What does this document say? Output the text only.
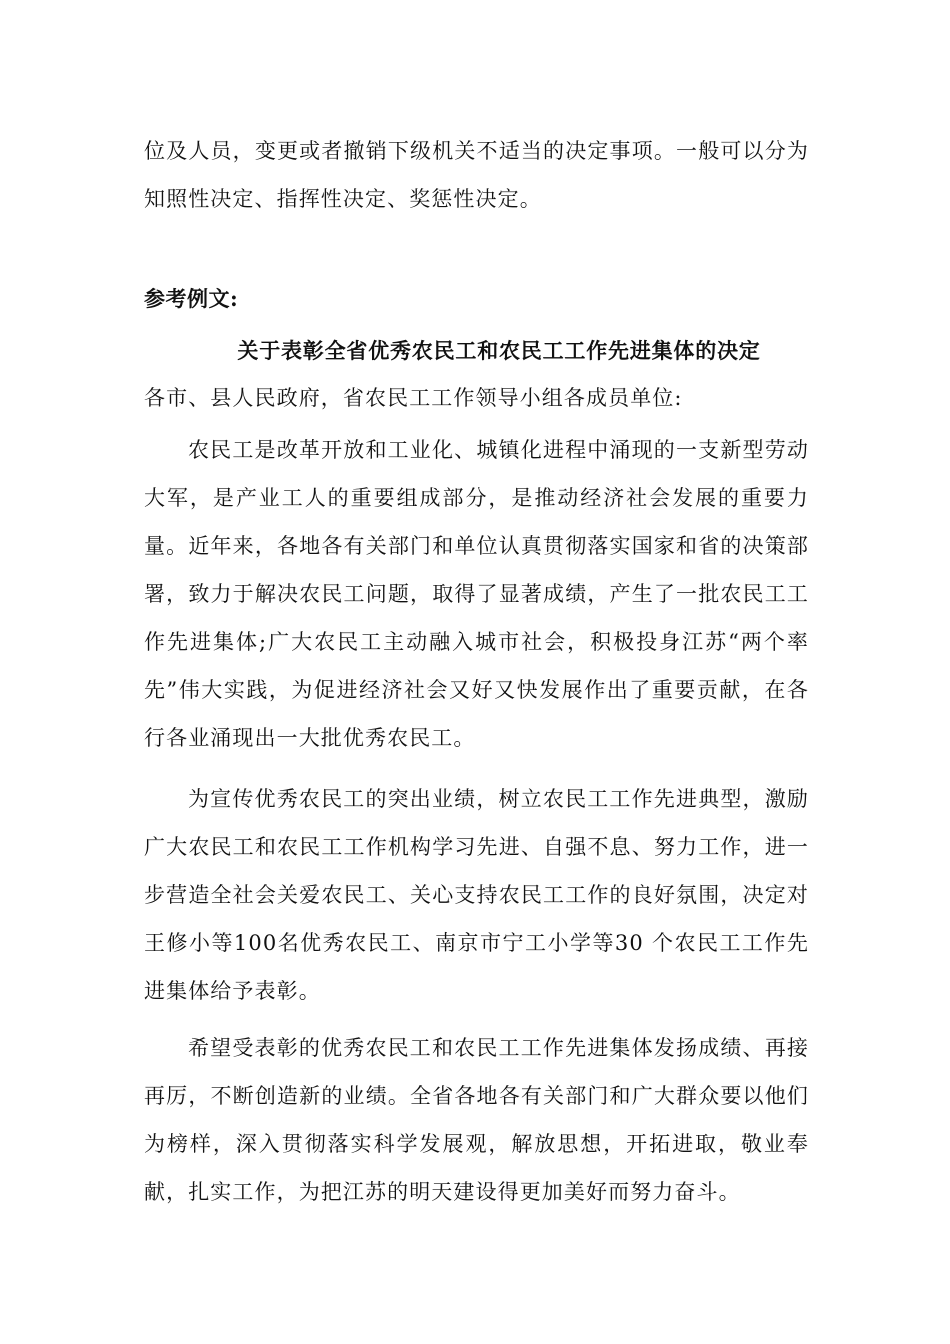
位及人员，变更或者撤销下级机关不适当的决定事项。一般可以分为知照性决定、指挥性决定、奖惩性决定。

参考例文:

关于表彰全省优秀农民工和农民工工作先进集体的决定

各市、县人民政府，省农民工工作领导小组各成员单位:

农民工是改革开放和工业化、城镇化进程中涌现的一支新型劳动大军，是产业工人的重要组成部分，是推动经济社会发展的重要力量。近年来，各地各有关部门和单位认真贯彻落实国家和省的决策部署，致力于解决农民工问题，取得了显著成绩，产生了一批农民工工作先进集体;广大农民工主动融入城市社会，积极投身江苏“两个率先”伟大实践，为促进经济社会又好又快发展作出了重要贡献，在各行各业涌现出一大批优秀农民工。

为宣传优秀农民工的突出业绩，树立农民工工作先进典型，激励广大农民工和农民工工作机构学习先进、自强不息、努力工作，进一步营造全社会关爱农民工、关心支持农民工工作的良好氛围，决定对王修小等100名优秀农民工、南京市宁工小学等30 个农民工工作先进集体给予表彰。

希望受表彰的优秀农民工和农民工工作先进集体发扬成绩、再接再厉，不断创造新的业绩。全省各地各有关部门和广大群众要以他们为榜样，深入贯彻落实科学发展观，解放思想，开拓进取，敬业奉献，扎实工作，为把江苏的明天建设得更加美好而努力奋斗。
